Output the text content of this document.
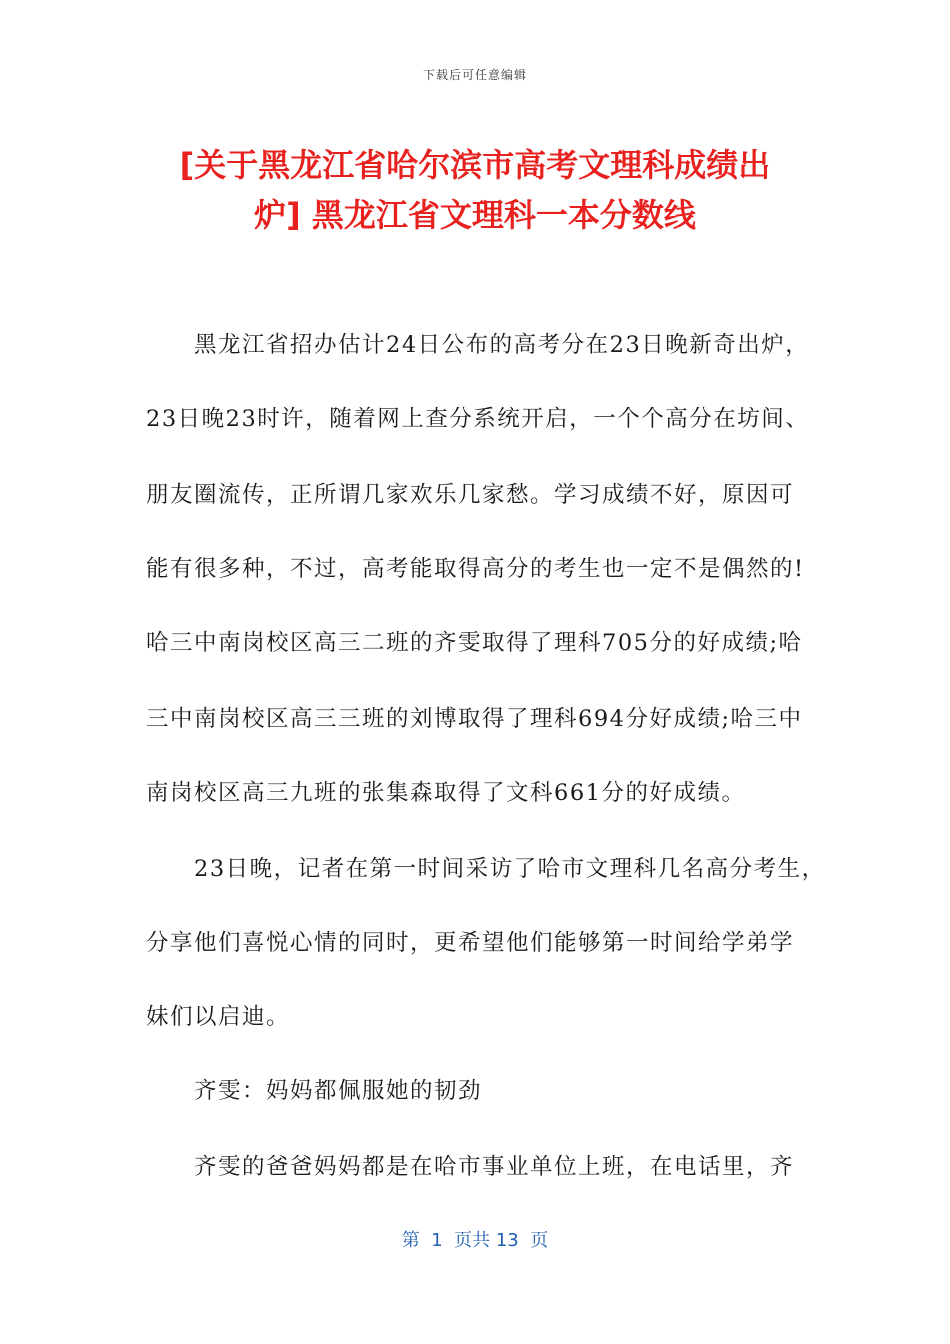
下载后可任意编辑
[关于黑龙江省哈尔滨市高考文理科成绩出
炉] 黑龙江省文理科一本分数线
　　黑龙江省招办估计24日公布的高考分在23日晚新奇出炉，
23日晚23时许，随着网上查分系统开启，一个个高分在坊间、
朋友圈流传，正所谓几家欢乐几家愁。学习成绩不好，原因可
能有很多种，不过，高考能取得高分的考生也一定不是偶然的!
哈三中南岗校区高三二班的齐雯取得了理科705分的好成绩;哈
三中南岗校区高三三班的刘博取得了理科694分好成绩;哈三中
南岗校区高三九班的张集森取得了文科661分的好成绩。
　　23日晚，记者在第一时间采访了哈市文理科几名高分考生，
分享他们喜悦心情的同时，更希望他们能够第一时间给学弟学
妹们以启迪。
　　齐雯：妈妈都佩服她的韧劲
　　齐雯的爸爸妈妈都是在哈市事业单位上班，在电话里，齐
第  1  页共 13  页
